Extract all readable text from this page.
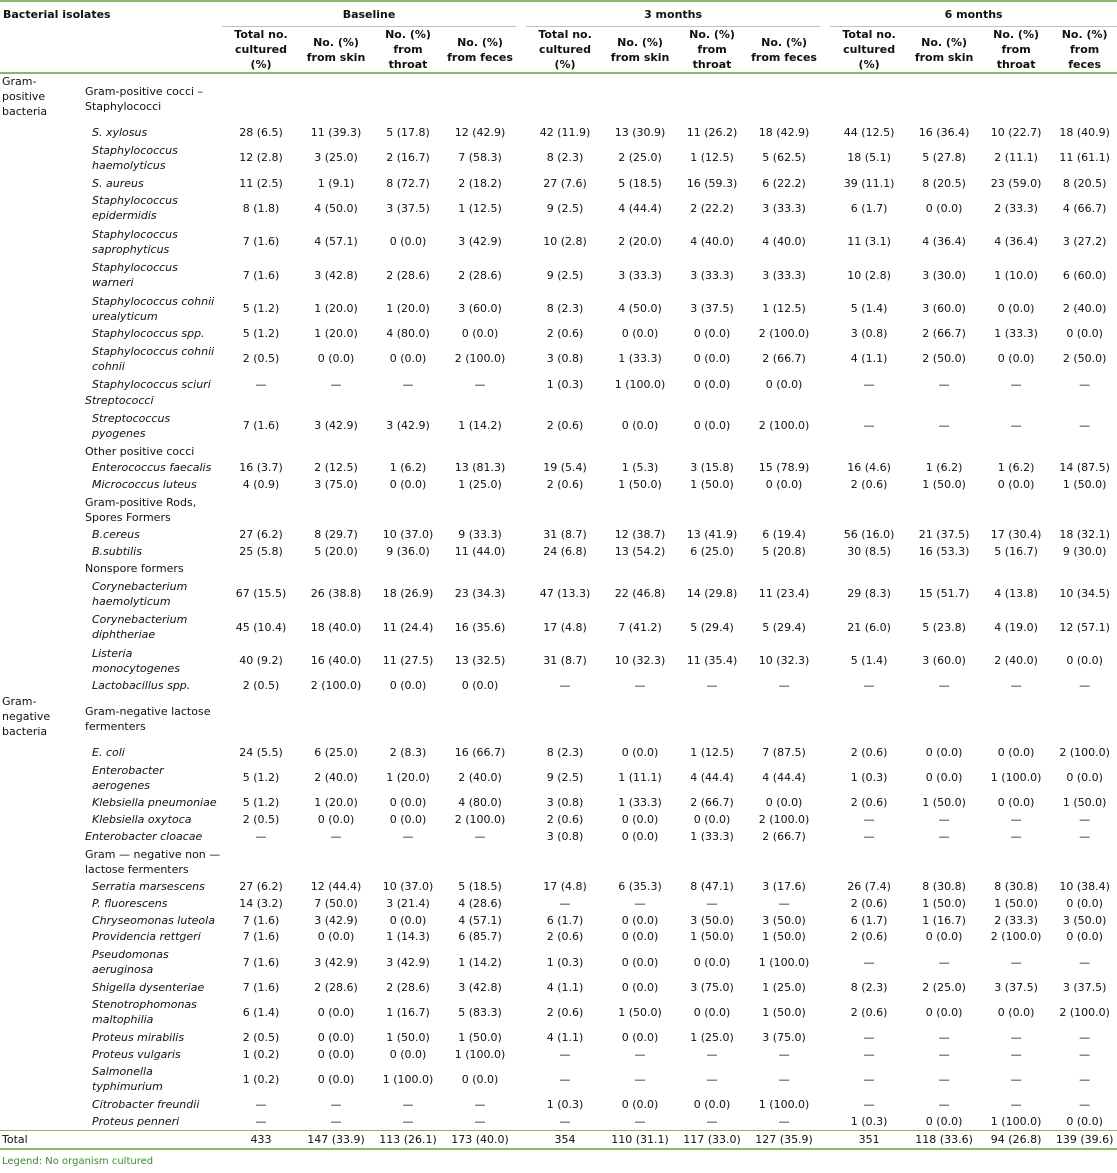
Bacterial isolates		Baseline					3 months					6 months			
		Total no. cultured (%)	No. (%) from skin	No. (%) from throat	No. (%) from feces		Total no. cultured (%)	No. (%) from skin	No. (%) from throat	No. (%) from feces		Total no. cultured (%)	No. (%) from skin	No. (%) from throat	No. (%) from feces
Gram-positive bacteria	Gram-positive cocci – Staphylococci														

	S. xylosus	28 (6.5)	11 (39.3)	5 (17.8)	12 (42.9)		42 (11.9)	13 (30.9)	11 (26.2)	18 (42.9)		44 (12.5)	16 (36.4)	10 (22.7)	18 (40.9)
	Staphylococcus haemolyticus	12 (2.8)	3 (25.0)	2 (16.7)	7 (58.3)		8 (2.3)	2 (25.0)	1 (12.5)	5 (62.5)		18 (5.1)	5 (27.8)	2 (11.1)	11 (61.1)
	S. aureus	11 (2.5)	1 (9.1)	8 (72.7)	2 (18.2)		27 (7.6)	5 (18.5)	16 (59.3)	6 (22.2)		39 (11.1)	8 (20.5)	23 (59.0)	8 (20.5)
	Staphylococcus epidermidis	8 (1.8)	4 (50.0)	3 (37.5)	1 (12.5)		9 (2.5)	4 (44.4)	2 (22.2)	3 (33.3)		6 (1.7)	0 (0.0)	2 (33.3)	4 (66.7)
	Staphylococcus saprophyticus	7 (1.6)	4 (57.1)	0 (0.0)	3 (42.9)		10 (2.8)	2 (20.0)	4 (40.0)	4 (40.0)		11 (3.1)	4 (36.4)	4 (36.4)	3 (27.2)
	Staphylococcus warneri	7 (1.6)	3 (42.8)	2 (28.6)	2 (28.6)		9 (2.5)	3 (33.3)	3 (33.3)	3 (33.3)		10 (2.8)	3 (30.0)	1 (10.0)	6 (60.0)
	Staphylococcus cohnii urealyticum	5 (1.2)	1 (20.0)	1 (20.0)	3 (60.0)		8 (2.3)	4 (50.0)	3 (37.5)	1 (12.5)		5 (1.4)	3 (60.0)	0 (0.0)	2 (40.0)
	Staphylococcus spp.	5 (1.2)	1 (20.0)	4 (80.0)	0 (0.0)		2 (0.6)	0 (0.0)	0 (0.0)	2 (100.0)		3 (0.8)	2 (66.7)	1 (33.3)	0 (0.0)
	Staphylococcus cohnii cohnii	2 (0.5)	0 (0.0)	0 (0.0)	2 (100.0)		3 (0.8)	1 (33.3)	0 (0.0)	2 (66.7)		4 (1.1)	2 (50.0)	0 (0.0)	2 (50.0)
	Staphylococcus sciuri	—	—	—	—		1 (0.3)	1 (100.0)	0 (0.0)	0 (0.0)		—	—	—	—

	Streptococci														

	Streptococcus pyogenes	7 (1.6)	3 (42.9)	3 (42.9)	1 (14.2)		2 (0.6)	0 (0.0)	0 (0.0)	2 (100.0)		—	—	—	—

	Other positive cocci														

	Enterococcus faecalis	16 (3.7)	2 (12.5)	1 (6.2)	13 (81.3)		19 (5.4)	1 (5.3)	3 (15.8)	15 (78.9)		16 (4.6)	1 (6.2)	1 (6.2)	14 (87.5)
	Micrococcus luteus	4 (0.9)	3 (75.0)	0 (0.0)	1 (25.0)		2 (0.6)	1 (50.0)	1 (50.0)	0 (0.0)		2 (0.6)	1 (50.0)	0 (0.0)	1 (50.0)

	Gram-positive Rods, Spores Formers														

	B.cereus	27 (6.2)	8 (29.7)	10 (37.0)	9 (33.3)		31 (8.7)	12 (38.7)	13 (41.9)	6 (19.4)		56 (16.0)	21 (37.5)	17 (30.4)	18 (32.1)
	B.subtilis	25 (5.8)	5 (20.0)	9 (36.0)	11 (44.0)		24 (6.8)	13 (54.2)	6 (25.0)	5 (20.8)		30 (8.5)	16 (53.3)	5 (16.7)	9 (30.0)

	Nonspore formers														

	Corynebacterium haemolyticum	67 (15.5)	26 (38.8)	18 (26.9)	23 (34.3)		47 (13.3)	22 (46.8)	14 (29.8)	11 (23.4)		29 (8.3)	15 (51.7)	4 (13.8)	10 (34.5)
	Corynebacterium diphtheriae	45 (10.4)	18 (40.0)	11 (24.4)	16 (35.6)		17 (4.8)	7 (41.2)	5 (29.4)	5 (29.4)		21 (6.0)	5 (23.8)	4 (19.0)	12 (57.1)
	Listeria monocytogenes	40 (9.2)	16 (40.0)	11 (27.5)	13 (32.5)		31 (8.7)	10 (32.3)	11 (35.4)	10 (32.3)		5 (1.4)	3 (60.0)	2 (40.0)	0 (0.0)
	Lactobacillus spp.	2 (0.5)	2 (100.0)	0 (0.0)	0 (0.0)		—	—	—	—		—	—	—	—
Gram-negative bacteria	Gram-negative lactose fermenters														

	E. coli	24 (5.5)	6 (25.0)	2 (8.3)	16 (66.7)		8 (2.3)	0 (0.0)	1 (12.5)	7 (87.5)		2 (0.6)	0 (0.0)	0 (0.0)	2 (100.0)
	Enterobacter aerogenes	5 (1.2)	2 (40.0)	1 (20.0)	2 (40.0)		9 (2.5)	1 (11.1)	4 (44.4)	4 (44.4)		1 (0.3)	0 (0.0)	1 (100.0)	0 (0.0)
	Klebsiella pneumoniae	5 (1.2)	1 (20.0)	0 (0.0)	4 (80.0)		3 (0.8)	1 (33.3)	2 (66.7)	0 (0.0)		2 (0.6)	1 (50.0)	0 (0.0)	1 (50.0)
	Klebsiella oxytoca	2 (0.5)	0 (0.0)	0 (0.0)	2 (100.0)		2 (0.6)	0 (0.0)	0 (0.0)	2 (100.0)		—	—	—	—
	Enterobacter cloacae	—	—	—	—		3 (0.8)	0 (0.0)	1 (33.3)	2 (66.7)		—	—	—	—

	Gram — negative non — lactose fermenters														

	Serratia marsescens	27 (6.2)	12 (44.4)	10 (37.0)	5 (18.5)		17 (4.8)	6 (35.3)	8 (47.1)	3 (17.6)		26 (7.4)	8 (30.8)	8 (30.8)	10 (38.4)
	P. fluorescens	14 (3.2)	7 (50.0)	3 (21.4)	4 (28.6)		—	—	—	—		2 (0.6)	1 (50.0)	1 (50.0)	0 (0.0)
	Chryseomonas luteola	7 (1.6)	3 (42.9)	0 (0.0)	4 (57.1)		6 (1.7)	0 (0.0)	3 (50.0)	3 (50.0)		6 (1.7)	1 (16.7)	2 (33.3)	3 (50.0)
	Providencia rettgeri	7 (1.6)	0 (0.0)	1 (14.3)	6 (85.7)		2 (0.6)	0 (0.0)	1 (50.0)	1 (50.0)		2 (0.6)	0 (0.0)	2 (100.0)	0 (0.0)
	Pseudomonas aeruginosa	7 (1.6)	3 (42.9)	3 (42.9)	1 (14.2)		1 (0.3)	0 (0.0)	0 (0.0)	1 (100.0)		—	—	—	—
	Shigella dysenteriae	7 (1.6)	2 (28.6)	2 (28.6)	3 (42.8)		4 (1.1)	0 (0.0)	3 (75.0)	1 (25.0)		8 (2.3)	2 (25.0)	3 (37.5)	3 (37.5)
	Stenotrophomonas maltophilia	6 (1.4)	0 (0.0)	1 (16.7)	5 (83.3)		2 (0.6)	1 (50.0)	0 (0.0)	1 (50.0)		2 (0.6)	0 (0.0)	0 (0.0)	2 (100.0)
	Proteus mirabilis	2 (0.5)	0 (0.0)	1 (50.0)	1 (50.0)		4 (1.1)	0 (0.0)	1 (25.0)	3 (75.0)		—	—	—	—
	Proteus vulgaris	1 (0.2)	0 (0.0)	0 (0.0)	1 (100.0)		—	—	—	—		—	—	—	—
	Salmonella typhimurium	1 (0.2)	0 (0.0)	1 (100.0)	0 (0.0)		—	—	—	—		—	—	—	—
	Citrobacter freundii	—	—	—	—		1 (0.3)	0 (0.0)	0 (0.0)	1 (100.0)		—	—	—	—
	Proteus penneri	—	—	—	—		—	—	—	—		1 (0.3)	0 (0.0)	1 (100.0)	0 (0.0)
Total		433	147 (33.9)	113 (26.1)	173 (40.0)		354	110 (31.1)	117 (33.0)	127 (35.9)		351	118 (33.6)	94 (26.8)	139 (39.6)
Legend: No organism cultured
